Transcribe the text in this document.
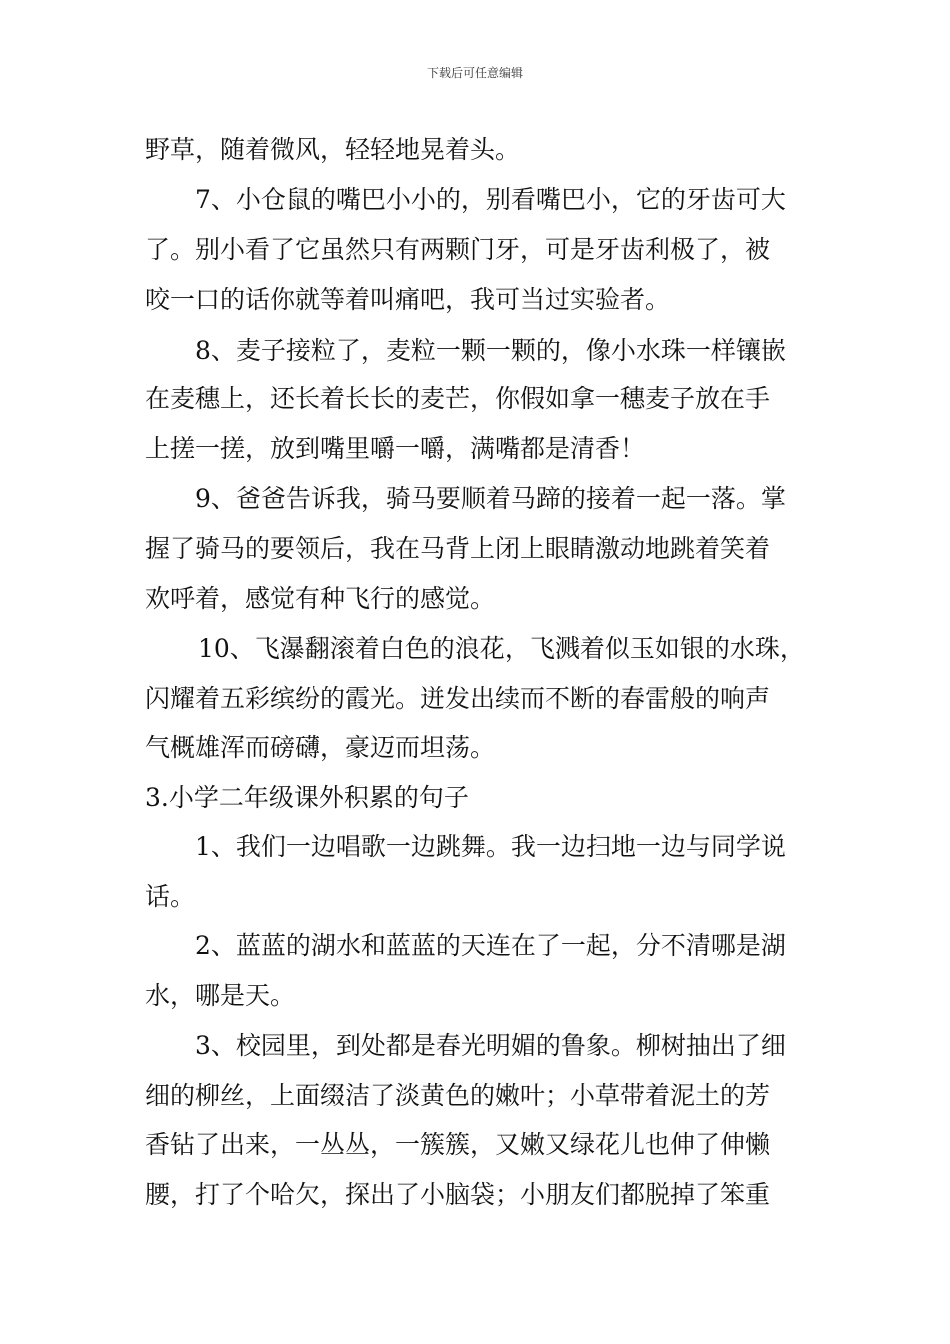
下载后可任意编辑
野草，随着微风，轻轻地晃着头。
7、小仓鼠的嘴巴小小的，别看嘴巴小，它的牙齿可大
了。别小看了它虽然只有两颗门牙，可是牙齿利极了，被
咬一口的话你就等着叫痛吧，我可当过实验者。
8、麦子接粒了，麦粒一颗一颗的，像小水珠一样镶嵌
在麦穗上，还长着长长的麦芒，你假如拿一穗麦子放在手
上搓一搓，放到嘴里嚼一嚼，满嘴都是清香！
9、爸爸告诉我，骑马要顺着马蹄的接着一起一落。掌
握了骑马的要领后，我在马背上闭上眼睛激动地跳着笑着
欢呼着，感觉有种飞行的感觉。
10、飞瀑翻滚着白色的浪花，飞溅着似玉如银的水珠，
闪耀着五彩缤纷的霞光。迸发出续而不断的春雷般的响声
气概雄浑而磅礴，豪迈而坦荡。
3.小学二年级课外积累的句子
1、我们一边唱歌一边跳舞。我一边扫地一边与同学说
话。
2、蓝蓝的湖水和蓝蓝的天连在了一起，分不清哪是湖
水，哪是天。
3、校园里，到处都是春光明媚的鲁象。柳树抽出了细
细的柳丝，上面缀洁了淡黄色的嫩叶；小草带着泥土的芳
香钻了出来，一丛丛，一簇簇，又嫩又绿花儿也伸了伸懒
腰，打了个哈欠，探出了小脑袋；小朋友们都脱掉了笨重
